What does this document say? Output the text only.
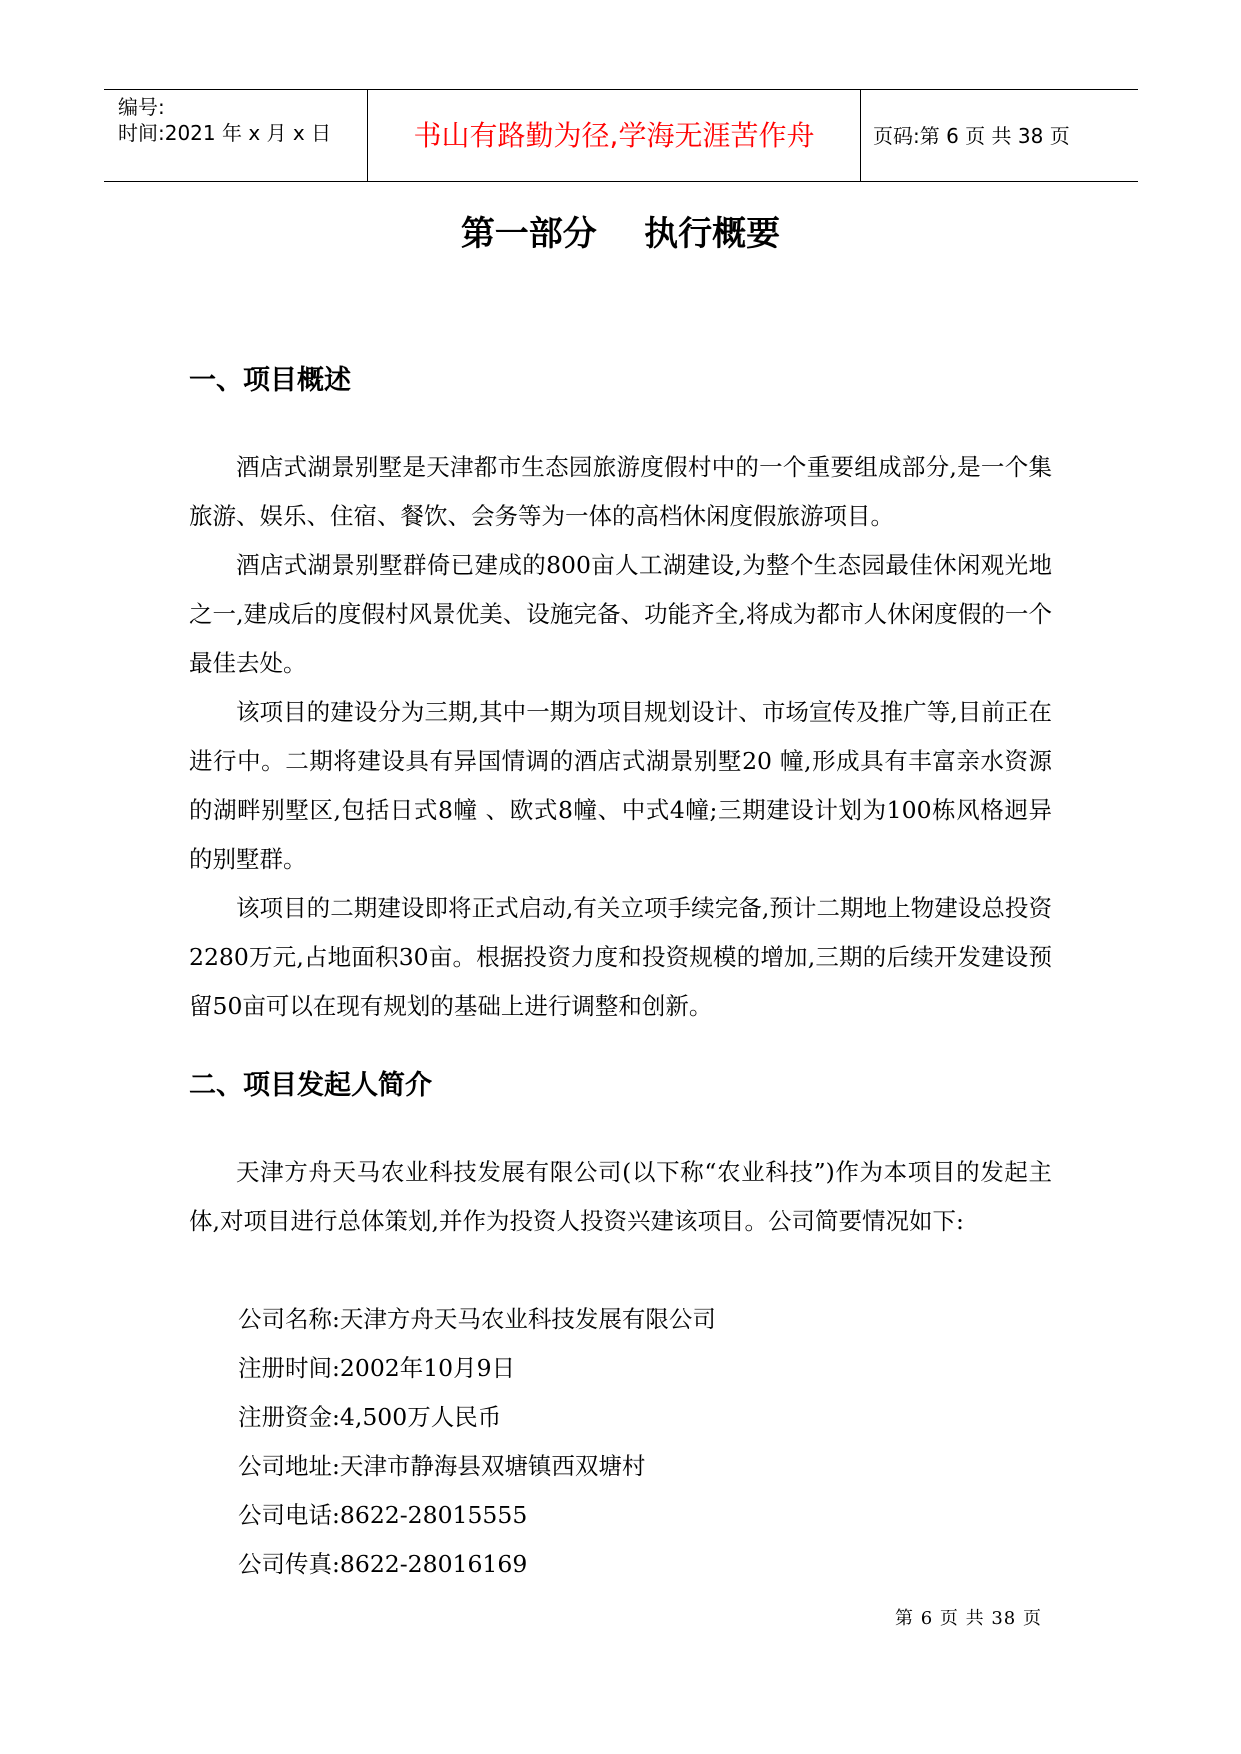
编号:
时间:2021 年 x 月 x 日	书山有路勤为径,学海无涯苦作舟	页码:第 6 页 共 38 页
第一部分    执行概要
一、项目概述

酒店式湖景别墅是天津都市生态园旅游度假村中的一个重要组成部分,是一个集旅游、娱乐、住宿、餐饮、会务等为一体的高档休闲度假旅游项目。

酒店式湖景别墅群倚已建成的800亩人工湖建设,为整个生态园最佳休闲观光地之一,建成后的度假村风景优美、设施完备、功能齐全,将成为都市人休闲度假的一个最佳去处。

该项目的建设分为三期,其中一期为项目规划设计、市场宣传及推广等,目前正在进行中。二期将建设具有异国情调的酒店式湖景别墅20 幢,形成具有丰富亲水资源的湖畔别墅区,包括日式8幢 、欧式8幢、中式4幢;三期建设计划为100栋风格迥异的别墅群。

该项目的二期建设即将正式启动,有关立项手续完备,预计二期地上物建设总投资2280万元,占地面积30亩。根据投资力度和投资规模的增加,三期的后续开发建设预留50亩可以在现有规划的基础上进行调整和创新。

二、项目发起人简介

天津方舟天马农业科技发展有限公司(以下称“农业科技”)作为本项目的发起主体,对项目进行总体策划,并作为投资人投资兴建该项目。公司简要情况如下:

公司名称:天津方舟天马农业科技发展有限公司
注册时间:2002年10月9日
注册资金:4,500万人民币
公司地址:天津市静海县双塘镇西双塘村
公司电话:8622-28015555
公司传真:8622-28016169
第 6 页 共 38 页
